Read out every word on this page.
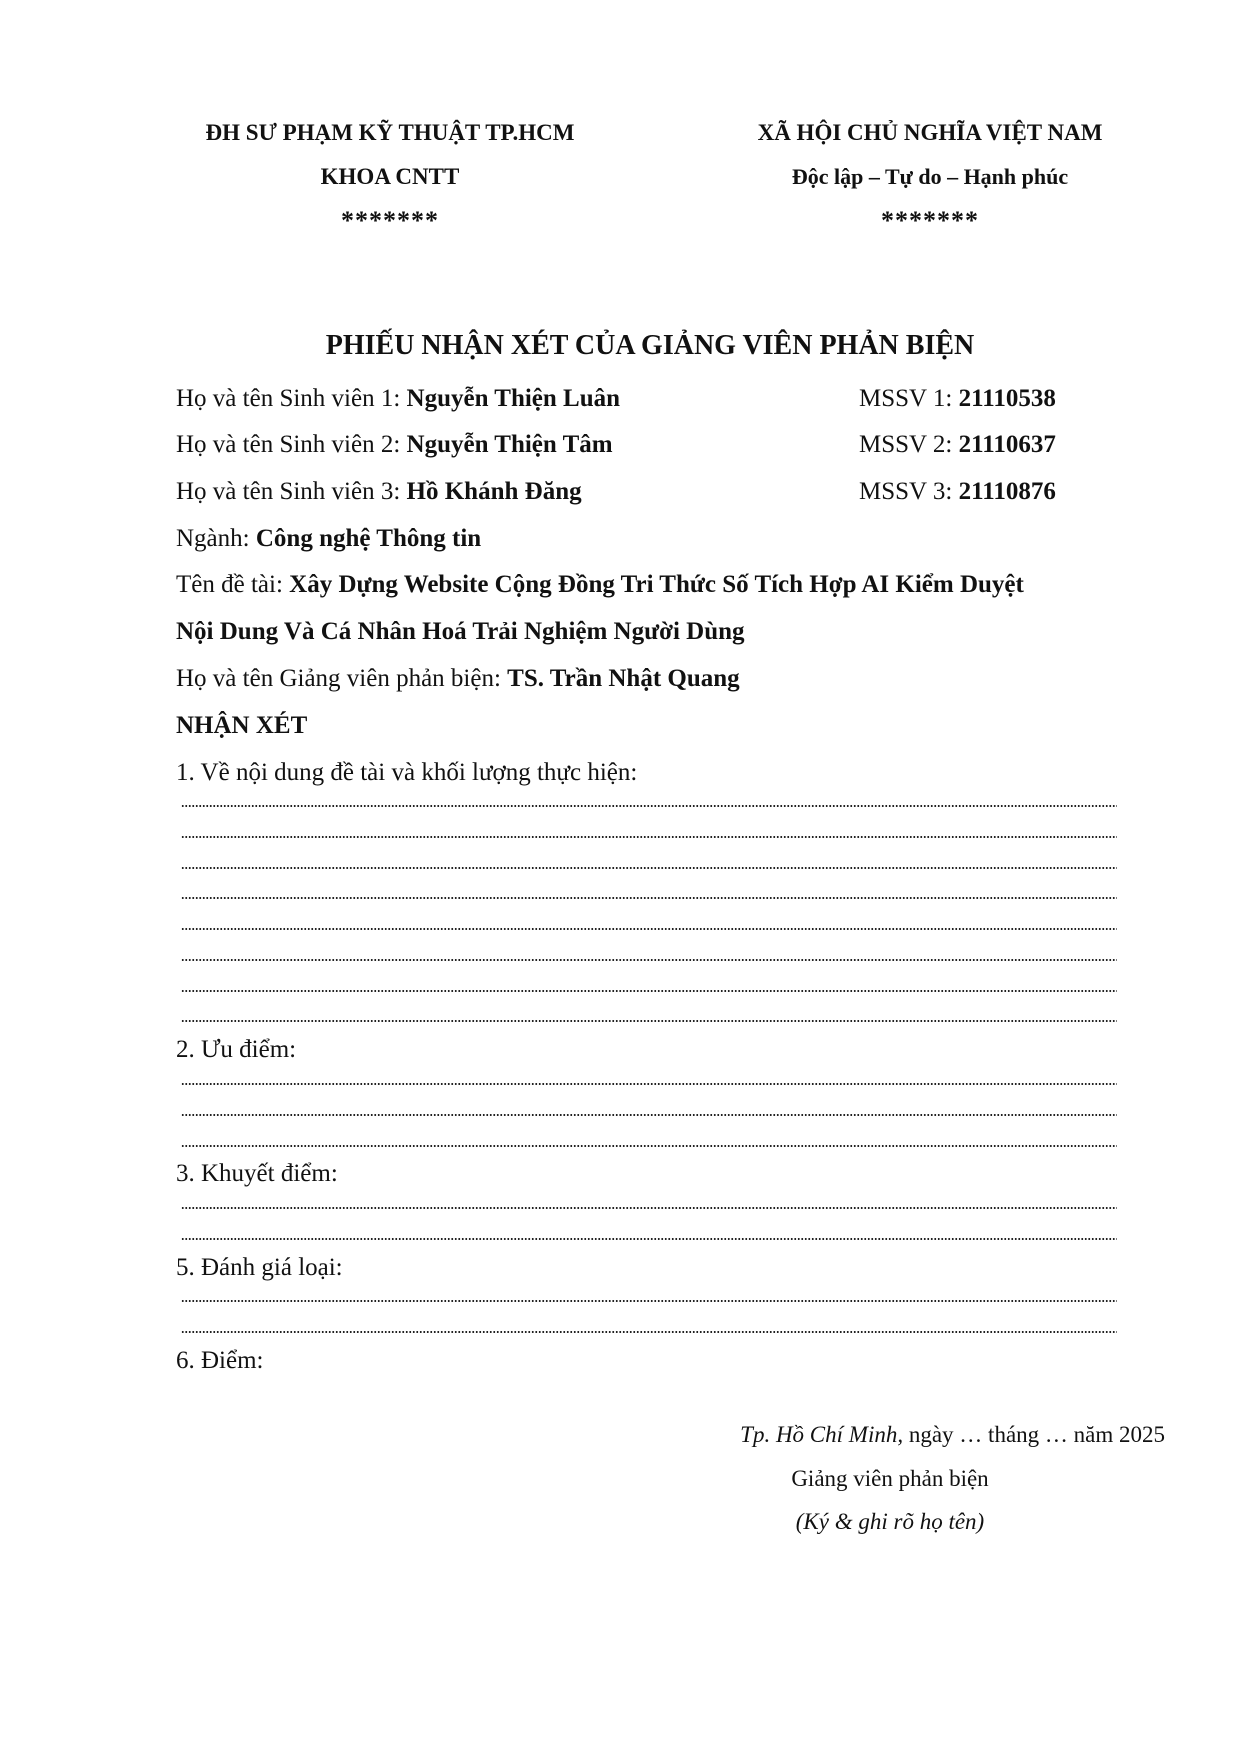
ĐH SƯ PHẠM KỸ THUẬT TP.HCM
KHOA CNTT
*******
XÃ HỘI CHỦ NGHĨA VIỆT NAM
Độc lập – Tự do – Hạnh phúc
*******
PHIẾU NHẬN XÉT CỦA GIẢNG VIÊN PHẢN BIỆN
Họ và tên Sinh viên 1: Nguyễn Thiện Luân	MSSV 1: 21110538
Họ và tên Sinh viên 2: Nguyễn Thiện Tâm	MSSV 2: 21110637
Họ và tên Sinh viên 3: Hồ Khánh Đăng	MSSV 3: 21110876
Ngành: Công nghệ Thông tin
Tên đề tài: Xây Dựng Website Cộng Đồng Tri Thức Số Tích Hợp AI Kiểm Duyệt
Nội Dung Và Cá Nhân Hoá Trải Nghiệm Người Dùng
Họ và tên Giảng viên phản biện: TS. Trần Nhật Quang
NHẬN XÉT
1. Về nội dung đề tài và khối lượng thực hiện:
2. Ưu điểm:
3. Khuyết điểm:
5. Đánh giá loại:
6. Điểm:
Tp. Hồ Chí Minh, ngày … tháng … năm 2025
Giảng viên phản biện
(Ký & ghi rõ họ tên)
